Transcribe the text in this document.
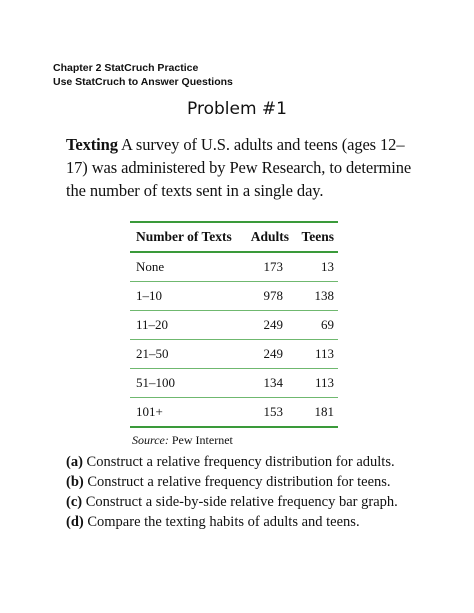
Chapter 2 StatCruch Practice
Use StatCruch to Answer Questions
Problem #1
Texting A survey of U.S. adults and teens (ages 12–17) was administered by Pew Research, to determine the number of texts sent in a single day.
Number of Texts	Adults	Teens
None	173	13
1–10	978	138
11–20	249	69
21–50	249	113
51–100	134	113
101+	153	181
Source: Pew Internet
(a) Construct a relative frequency distribution for adults.
(b) Construct a relative frequency distribution for teens.
(c) Construct a side-by-side relative frequency bar graph.
(d) Compare the texting habits of adults and teens.
